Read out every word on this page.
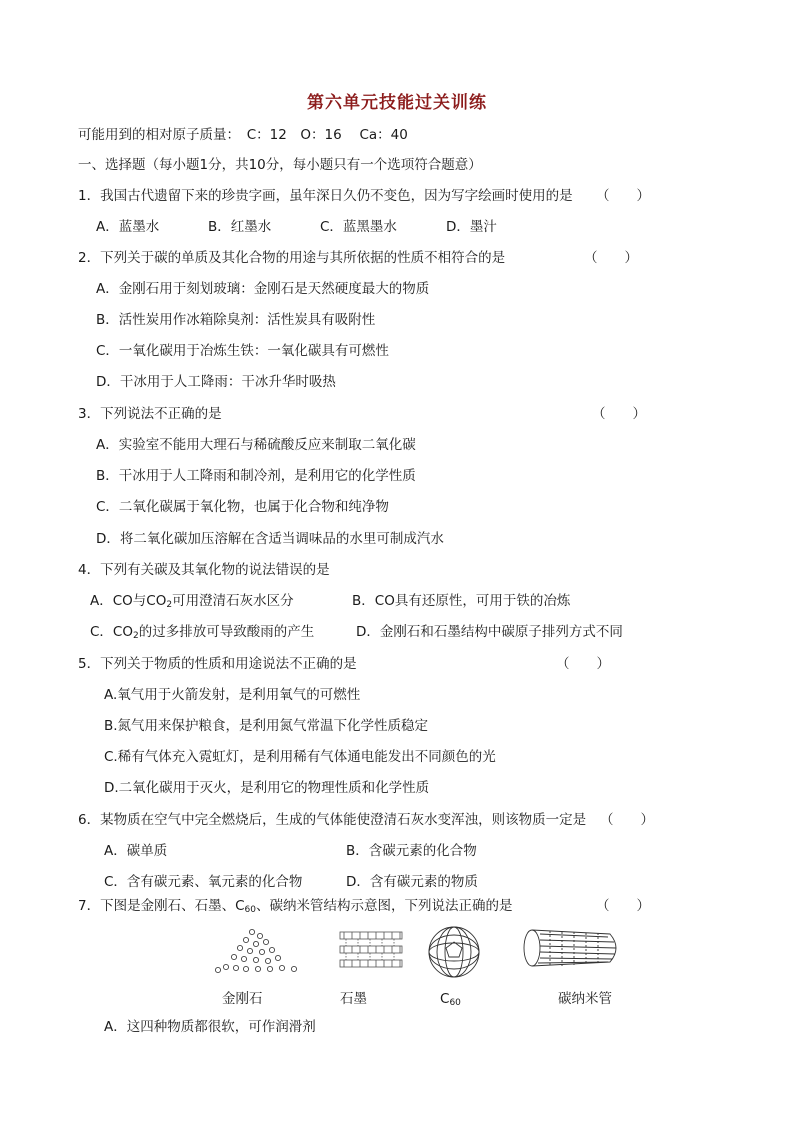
第六单元技能过关训练
可能用到的相对原子质量：　C：12　O：16　 Ca：40
一、选择题（每小题1分，共10分，每小题只有一个选项符合题意）
1．我国古代遗留下来的珍贵字画，虽年深日久仍不变色，因为写字绘画时使用的是 （　　）
A．蓝墨水	B．红墨水	C．蓝黑墨水	D．墨汁
2．下列关于碳的单质及其化合物的用途与其所依据的性质不相符合的是	（　　）
A．金刚石用于刻划玻璃：金刚石是天然硬度最大的物质
B．活性炭用作冰箱除臭剂：活性炭具有吸附性
C．一氧化碳用于冶炼生铁：一氧化碳具有可燃性
D．干冰用于人工降雨：干冰升华时吸热
3．下列说法不正确的是	（　　）
A．实验室不能用大理石与稀硫酸反应来制取二氧化碳
B．干冰用于人工降雨和制冷剂，是利用它的化学性质
C．二氧化碳属于氧化物，也属于化合物和纯净物
D．将二氧化碳加压溶解在含适当调味品的水里可制成汽水
4．下列有关碳及其氧化物的说法错误的是
A．CO与$CO_2$可用澄清石灰水区分	B．CO具有还原性，可用于铁的冶炼
C．$CO_2$的过多排放可导致酸雨的产生	D．金刚石和石墨结构中碳原子排列方式不同
5．下列关于物质的性质和用途说法不正确的是	（　　）
A.氧气用于火箭发射，是利用氧气的可燃性
B.氮气用来保护粮食，是利用氮气常温下化学性质稳定
C.稀有气体充入霓虹灯，是利用稀有气体通电能发出不同颜色的光
D.二氧化碳用于灭火，是利用它的物理性质和化学性质
6．某物质在空气中完全燃烧后，生成的气体能使澄清石灰水变浑浊，则该物质一定是 （　　）
A．碳单质	B．含碳元素的化合物
C．含有碳元素、氧元素的化合物	D．含有碳元素的物质
7．下图是金刚石、石墨、$C_{60}$、碳纳米管结构示意图，下列说法正确的是	（　　）
金刚石	石墨	$C_{60}$	碳纳米管
A．这四种物质都很软，可作润滑剂
